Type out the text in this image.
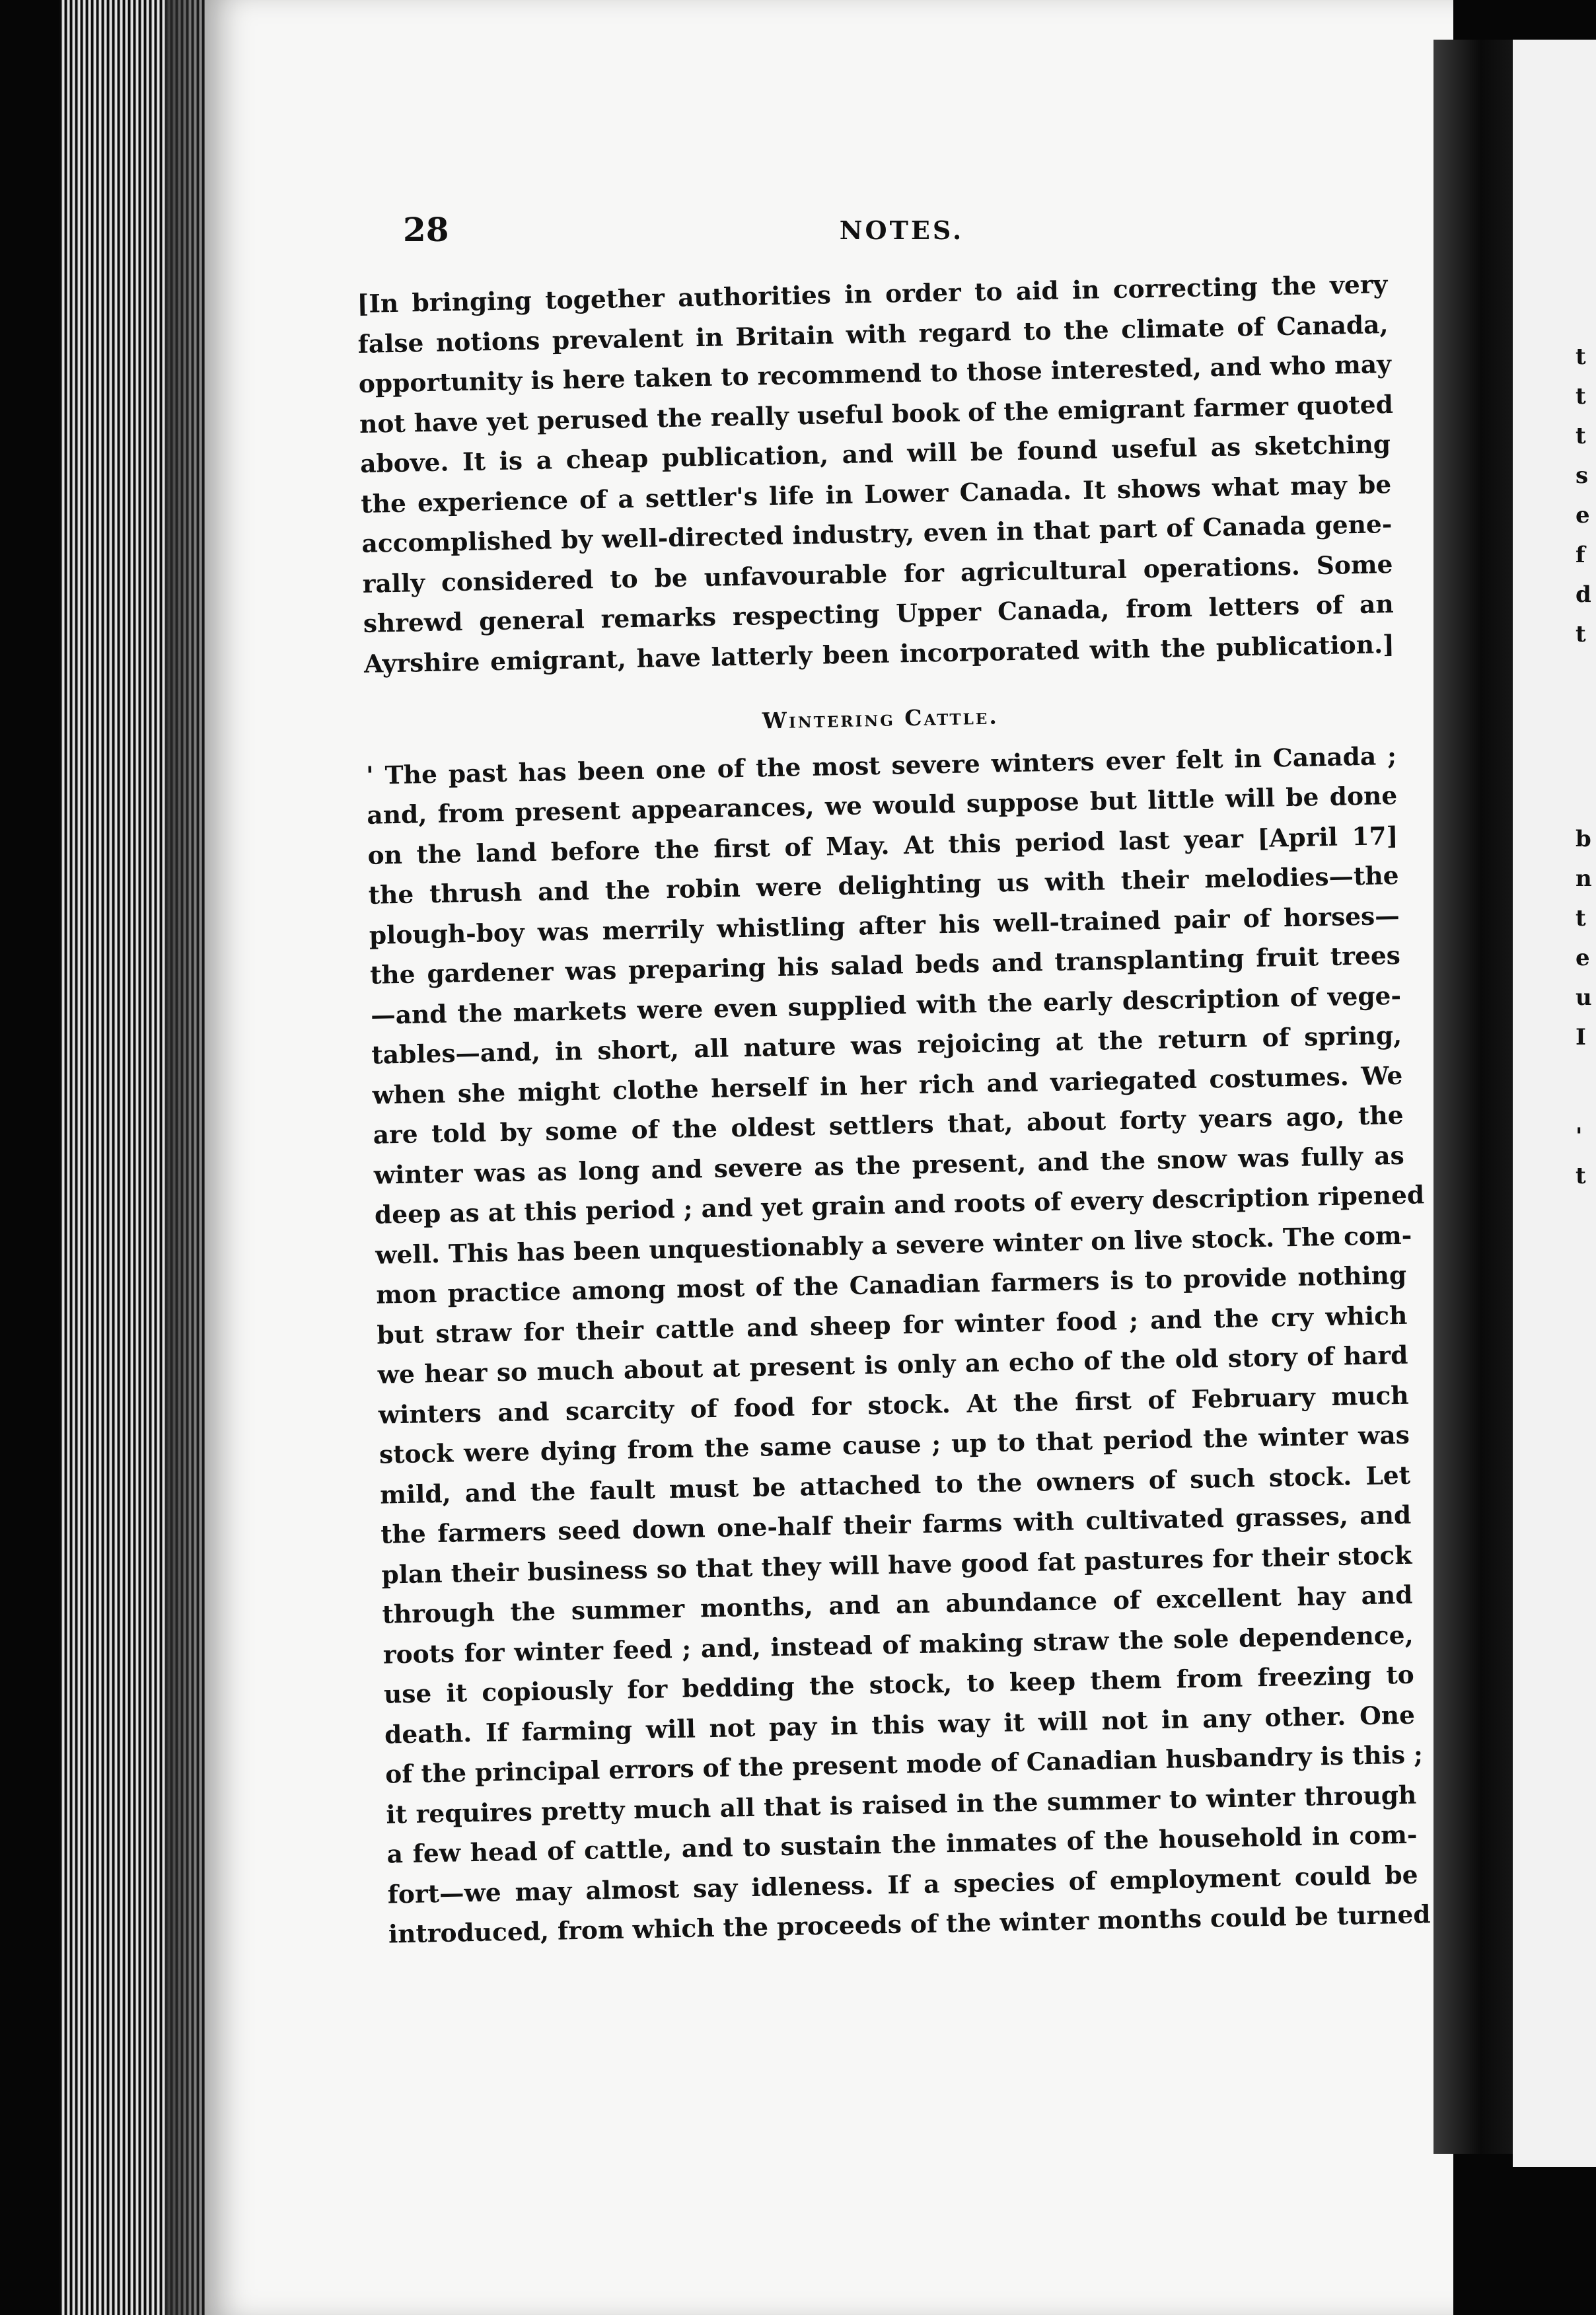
t
t
t
s
e
f
d
t
b
n
t
e
u
I
'
t
28	NOTES.
[In bringing together authorities in order to aid in correcting the very
false notions prevalent in Britain with regard to the climate of Canada,
opportunity is here taken to recommend to those interested, and who may
not have yet perused the really useful book of the emigrant farmer quoted
above. It is a cheap publication, and will be found useful as sketching
the experience of a settler's life in Lower Canada. It shows what may be
accomplished by well-directed industry, even in that part of Canada gene-
rally considered to be unfavourable for agricultural operations. Some
shrewd general remarks respecting Upper Canada, from letters of an
Ayrshire emigrant, have latterly been incorporated with the publication.]
Wintering Cattle.
' The past has been one of the most severe winters ever felt in Canada ;
and, from present appearances, we would suppose but little will be done
on the land before the first of May. At this period last year [April 17]
the thrush and the robin were delighting us with their melodies—the
plough-boy was merrily whistling after his well-trained pair of horses—
the gardener was preparing his salad beds and transplanting fruit trees
—and the markets were even supplied with the early description of vege-
tables—and, in short, all nature was rejoicing at the return of spring,
when she might clothe herself in her rich and variegated costumes. We
are told by some of the oldest settlers that, about forty years ago, the
winter was as long and severe as the present, and the snow was fully as
deep as at this period ; and yet grain and roots of every description ripened
well. This has been unquestionably a severe winter on live stock. The com-
mon practice among most of the Canadian farmers is to provide nothing
but straw for their cattle and sheep for winter food ; and the cry which
we hear so much about at present is only an echo of the old story of hard
winters and scarcity of food for stock. At the first of February much
stock were dying from the same cause ; up to that period the winter was
mild, and the fault must be attached to the owners of such stock. Let
the farmers seed down one-half their farms with cultivated grasses, and
plan their business so that they will have good fat pastures for their stock
through the summer months, and an abundance of excellent hay and
roots for winter feed ; and, instead of making straw the sole dependence,
use it copiously for bedding the stock, to keep them from freezing to
death. If farming will not pay in this way it will not in any other. One
of the principal errors of the present mode of Canadian husbandry is this ;
it requires pretty much all that is raised in the summer to winter through
a few head of cattle, and to sustain the inmates of the household in com-
fort—we may almost say idleness. If a species of employment could be
introduced, from which the proceeds of the winter months could be turned
